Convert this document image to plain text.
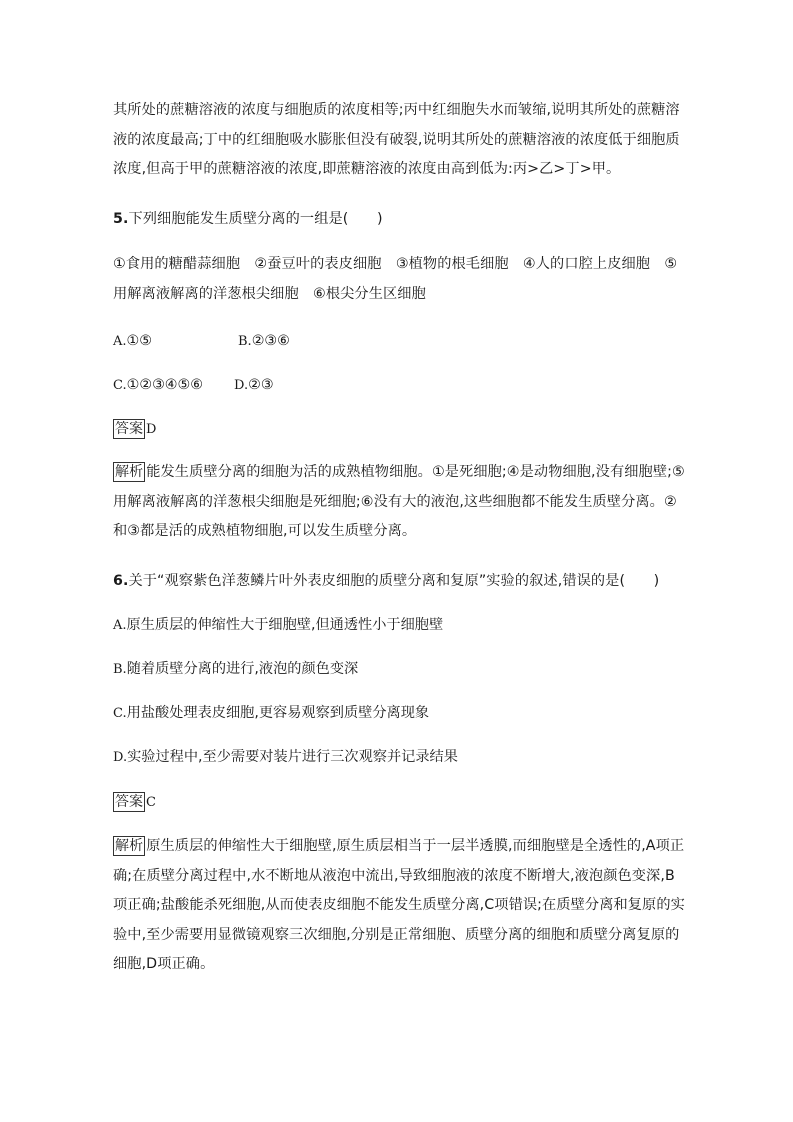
其所处的蔗糖溶液的浓度与细胞质的浓度相等;丙中红细胞失水而皱缩,说明其所处的蔗糖溶液的浓度最高;丁中的红细胞吸水膨胀但没有破裂,说明其所处的蔗糖溶液的浓度低于细胞质浓度,但高于甲的蔗糖溶液的浓度,即蔗糖溶液的浓度由高到低为:丙>乙>丁>甲。
5.下列细胞能发生质壁分离的一组是(　　)
①食用的糖醋蒜细胞　②蚕豆叶的表皮细胞　③植物的根毛细胞　④人的口腔上皮细胞　⑤用解离液解离的洋葱根尖细胞　⑥根尖分生区细胞
A.①⑤	B.②③⑥
C.①②③④⑤⑥ D.②③
答案 D
解析 能发生质壁分离的细胞为活的成熟植物细胞。①是死细胞;④是动物细胞,没有细胞壁;⑤用解离液解离的洋葱根尖细胞是死细胞;⑥没有大的液泡,这些细胞都不能发生质壁分离。②和③都是活的成熟植物细胞,可以发生质壁分离。
6.关于“观察紫色洋葱鳞片叶外表皮细胞的质壁分离和复原”实验的叙述,错误的是(　　)
A.原生质层的伸缩性大于细胞壁,但通透性小于细胞壁
B.随着质壁分离的进行,液泡的颜色变深
C.用盐酸处理表皮细胞,更容易观察到质壁分离现象
D.实验过程中,至少需要对装片进行三次观察并记录结果
答案 C
解析 原生质层的伸缩性大于细胞壁,原生质层相当于一层半透膜,而细胞壁是全透性的,A项正确;在质壁分离过程中,水不断地从液泡中流出,导致细胞液的浓度不断增大,液泡颜色变深,B项正确;盐酸能杀死细胞,从而使表皮细胞不能发生质壁分离,C项错误;在质壁分离和复原的实验中,至少需要用显微镜观察三次细胞,分别是正常细胞、质壁分离的细胞和质壁分离复原的细胞,D项正确。
